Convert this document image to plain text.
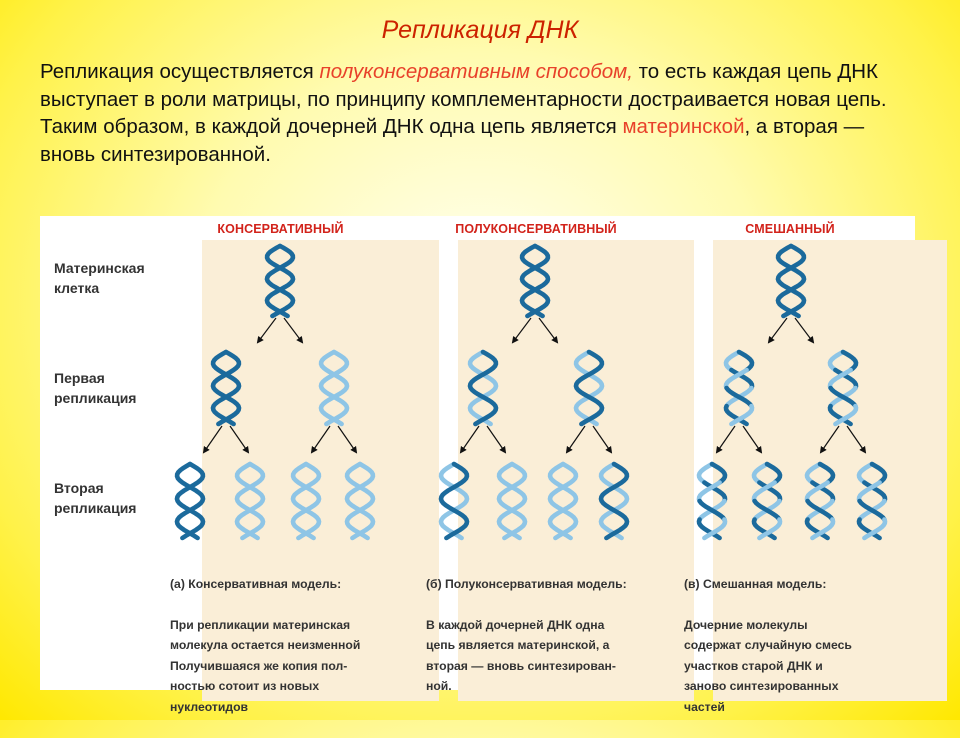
Репликация ДНК
Репликация осуществляется полуконсервативным способом, то есть каждая цепь ДНК выступает в роли матрицы, по принципу комплементарности достраивается новая цепь. Таким образом, в каждой дочерней ДНК одна цепь является материнской, а вторая — вновь синтезированной.
КОНСЕРВАТИВНЫЙ	ПОЛУКОНСЕРВАТИВНЫЙ	СМЕШАННЫЙ
Материнская
клетка
Первая
репликация
Вторая
репликация

(а) Консервативная модель:

При репликации материнская
молекула остается неизменной
Получившаяся же копия пол-
ностью сотоит из новых
нуклеотидов

(б) Полуконсервативная модель:

В каждой дочерней ДНК одна
цепь является материнской, а
вторая — вновь синтезирован-
ной.

(в) Смешанная модель:

Дочерние молекулы
содержат случайную смесь
участков старой ДНК и
заново синтезированных
частей
